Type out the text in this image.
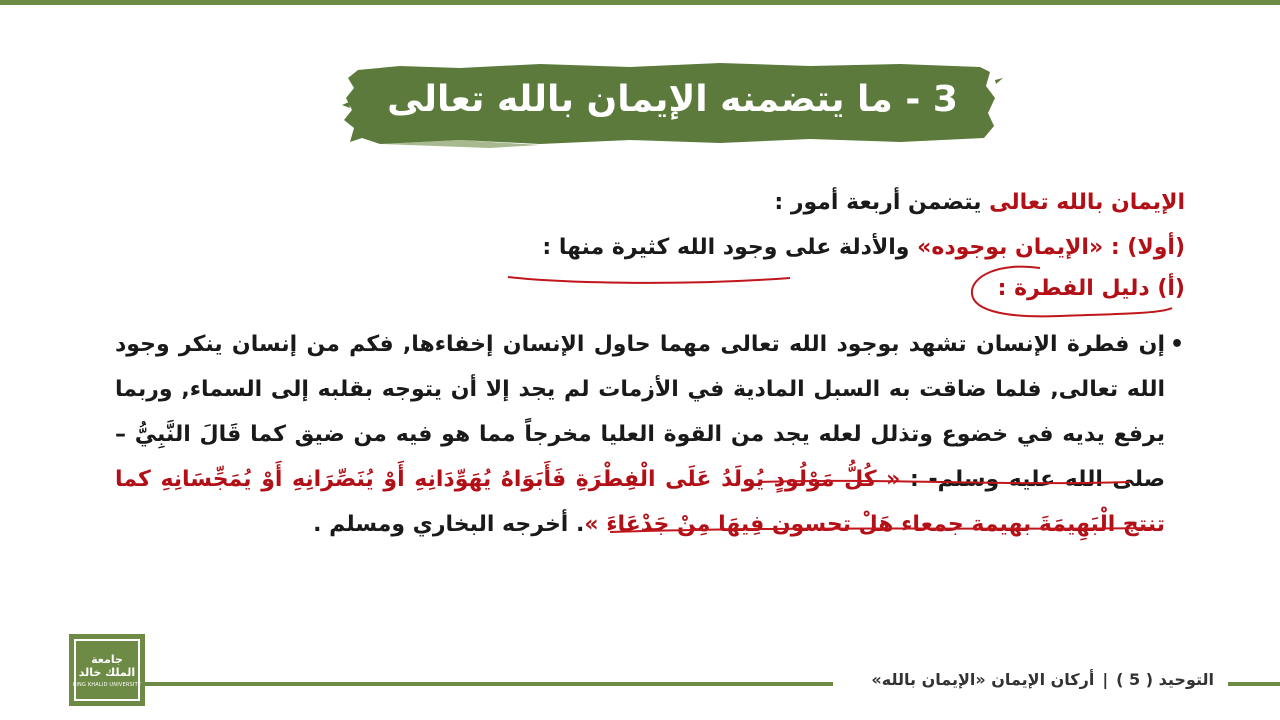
3 - ما يتضمنه الإيمان بالله تعالى
الإيمان بالله تعالى يتضمن أربعة أمور :
(أولا) : «الإيمان بوجوده» والأدلة على وجود الله كثيرة منها :
(أ) دليل الفطرة :
•
إن فطرة الإنسان تشهد بوجود الله تعالى مهما حاول الإنسان إخفاءها, فكم من إنسان ينكر وجود الله تعالى, فلما ضاقت به السبل المادية في الأزمات لم يجد إلا أن يتوجه بقلبه إلى السماء, وربما يرفع يديه في خضوع وتذلل لعله يجد من القوة العليا مخرجاً مما هو فيه من ضيق كما قَالَ النَّبِيُّ –صلى الله عليه وسلم- : « كُلُّ مَوْلُودٍ يُولَدُ عَلَى الْفِطْرَةِ فَأَبَوَاهُ يُهَوِّدَانِهِ أَوْ يُنَصِّرَانِهِ أَوْ يُمَجِّسَانِهِ كما تنتج الْبَهِيمَةَ بهيمة جمعاء هَلْ تحسون فِيهَا مِنْ جَدْعَاءَ ». أخرجه البخاري ومسلم .
التوحيد ( 5 )|أركان الإيمان «الإيمان بالله»
جامعة الملك خالد
KING KHALID UNIVERSITY
